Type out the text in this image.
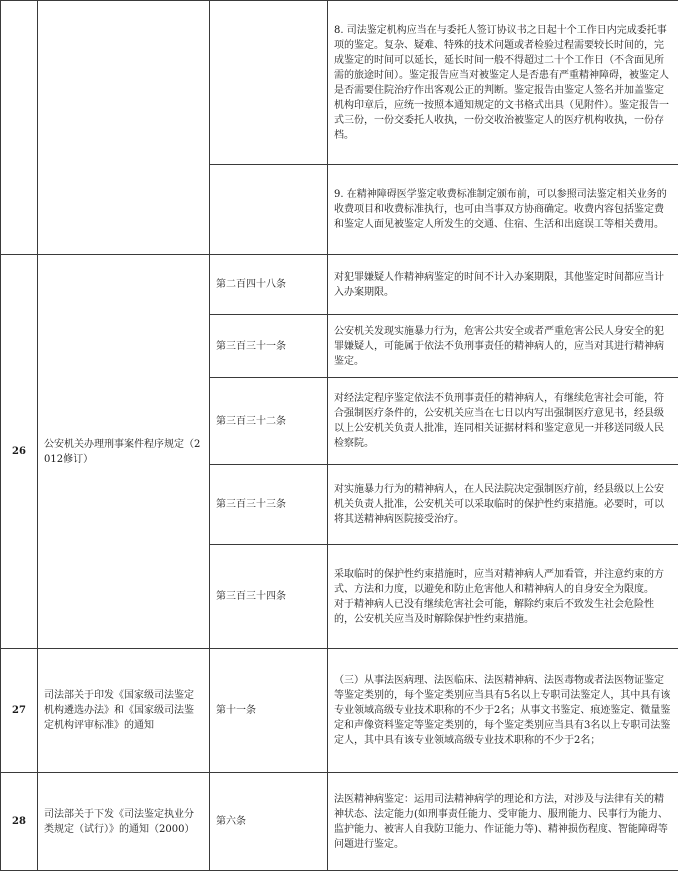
			8. 司法鉴定机构应当在与委托人签订协议书之日起十个工作日内完成委托事项的鉴定。复杂、疑难、特殊的技术问题或者检验过程需要较长时间的，完成鉴定的时间可以延长，延长时间一般不得超过二十个工作日（不含面见所需的旅途时间）。鉴定报告应当对被鉴定人是否患有严重精神障碍，被鉴定人是否需要住院治疗作出客观公正的判断。鉴定报告由鉴定人签名并加盖鉴定机构印章后，应统一按照本通知规定的文书格式出具（见附件）。鉴定报告一式三份，一份交委托人收执，一份交收治被鉴定人的医疗机构收执，一份存档。

			9. 在精神障碍医学鉴定收费标准制定颁布前，可以参照司法鉴定相关业务的收费项目和收费标准执行，也可由当事双方协商确定。收费内容包括鉴定费和鉴定人面见被鉴定人所发生的交通、住宿、生活和出庭误工等相关费用。

26	公安机关办理刑事案件程序规定（2012修订）	第二百四十八条	对犯罪嫌疑人作精神病鉴定的时间不计入办案期限，其他鉴定时间都应当计入办案期限。

		第三百三十一条	公安机关发现实施暴力行为，危害公共安全或者严重危害公民人身安全的犯罪嫌疑人，可能属于依法不负刑事责任的精神病人的，应当对其进行精神病鉴定。

		第三百三十二条	对经法定程序鉴定依法不负刑事责任的精神病人，有继续危害社会可能，符合强制医疗条件的，公安机关应当在七日以内写出强制医疗意见书，经县级以上公安机关负责人批准，连同相关证据材料和鉴定意见一并移送同级人民检察院。

		第三百三十三条	对实施暴力行为的精神病人，在人民法院决定强制医疗前，经县级以上公安机关负责人批准，公安机关可以采取临时的保护性约束措施。必要时，可以将其送精神病医院接受治疗。

		第三百三十四条	采取临时的保护性约束措施时，应当对精神病人严加看管，并注意约束的方式、方法和力度，以避免和防止危害他人和精神病人的自身安全为限度。
对于精神病人已没有继续危害社会可能，解除约束后不致发生社会危险性的，公安机关应当及时解除保护性约束措施。

27	司法部关于印发《国家级司法鉴定机构遴选办法》和《国家级司法鉴定机构评审标准》的通知	第十一条	（三）从事法医病理、法医临床、法医精神病、法医毒物或者法医物证鉴定等鉴定类别的，每个鉴定类别应当具有5名以上专职司法鉴定人，其中具有该专业领域高级专业技术职称的不少于2名；从事文书鉴定、痕迹鉴定、微量鉴定和声像资料鉴定等鉴定类别的，每个鉴定类别应当具有3名以上专职司法鉴定人，其中具有该专业领域高级专业技术职称的不少于2名；

28	司法部关于下发《司法鉴定执业分类规定（试行）》的通知（2000）	第六条	法医精神病鉴定：运用司法精神病学的理论和方法，对涉及与法律有关的精神状态、法定能力(如刑事责任能力、受审能力、服刑能力、民事行为能力、监护能力、被害人自我防卫能力、作证能力等)、精神损伤程度、智能障碍等问题进行鉴定。
